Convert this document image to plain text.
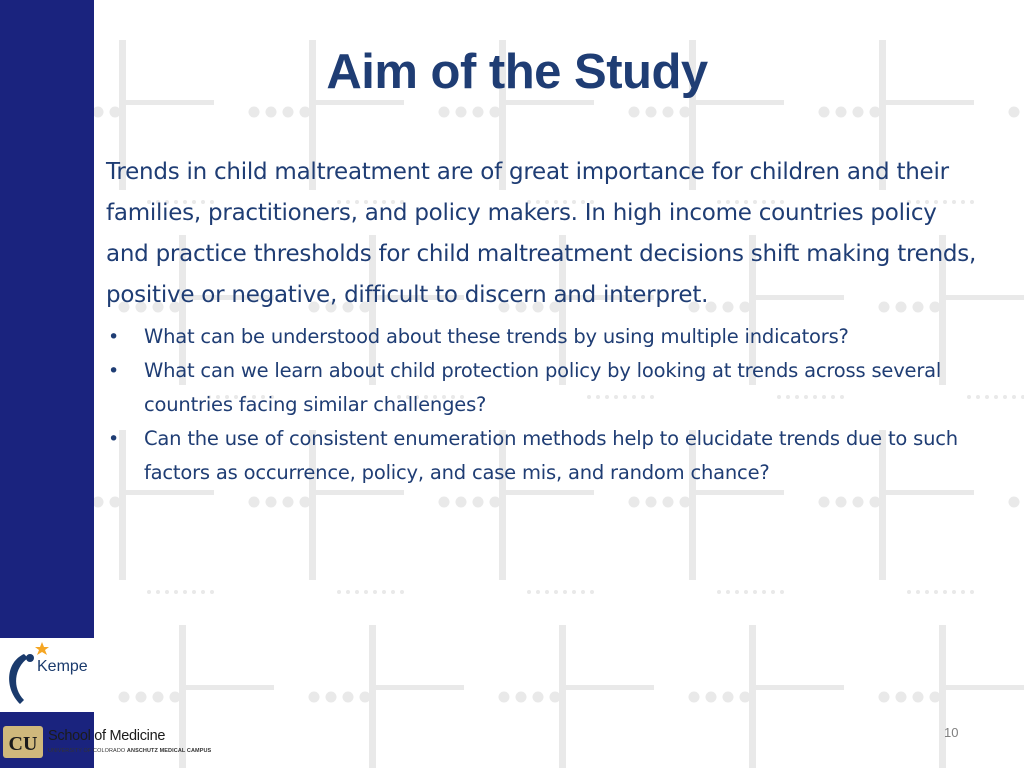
Kempe
CU School of Medicine
UNIVERSITY OF COLORADO ANSCHUTZ MEDICAL CAMPUS
Aim of the Study

Trends in child maltreatment are of great importance for children and their families, practitioners, and policy makers. In high income countries policy and practice thresholds for child maltreatment decisions shift making trends, positive or negative, difficult to discern and interpret.

• What can be understood about these trends by using multiple indicators?
• What can we learn about child protection policy by looking at trends across several countries facing similar challenges?
• Can the use of consistent enumeration methods help to elucidate trends due to such factors as occurrence, policy, and case mis, and random chance?
10
